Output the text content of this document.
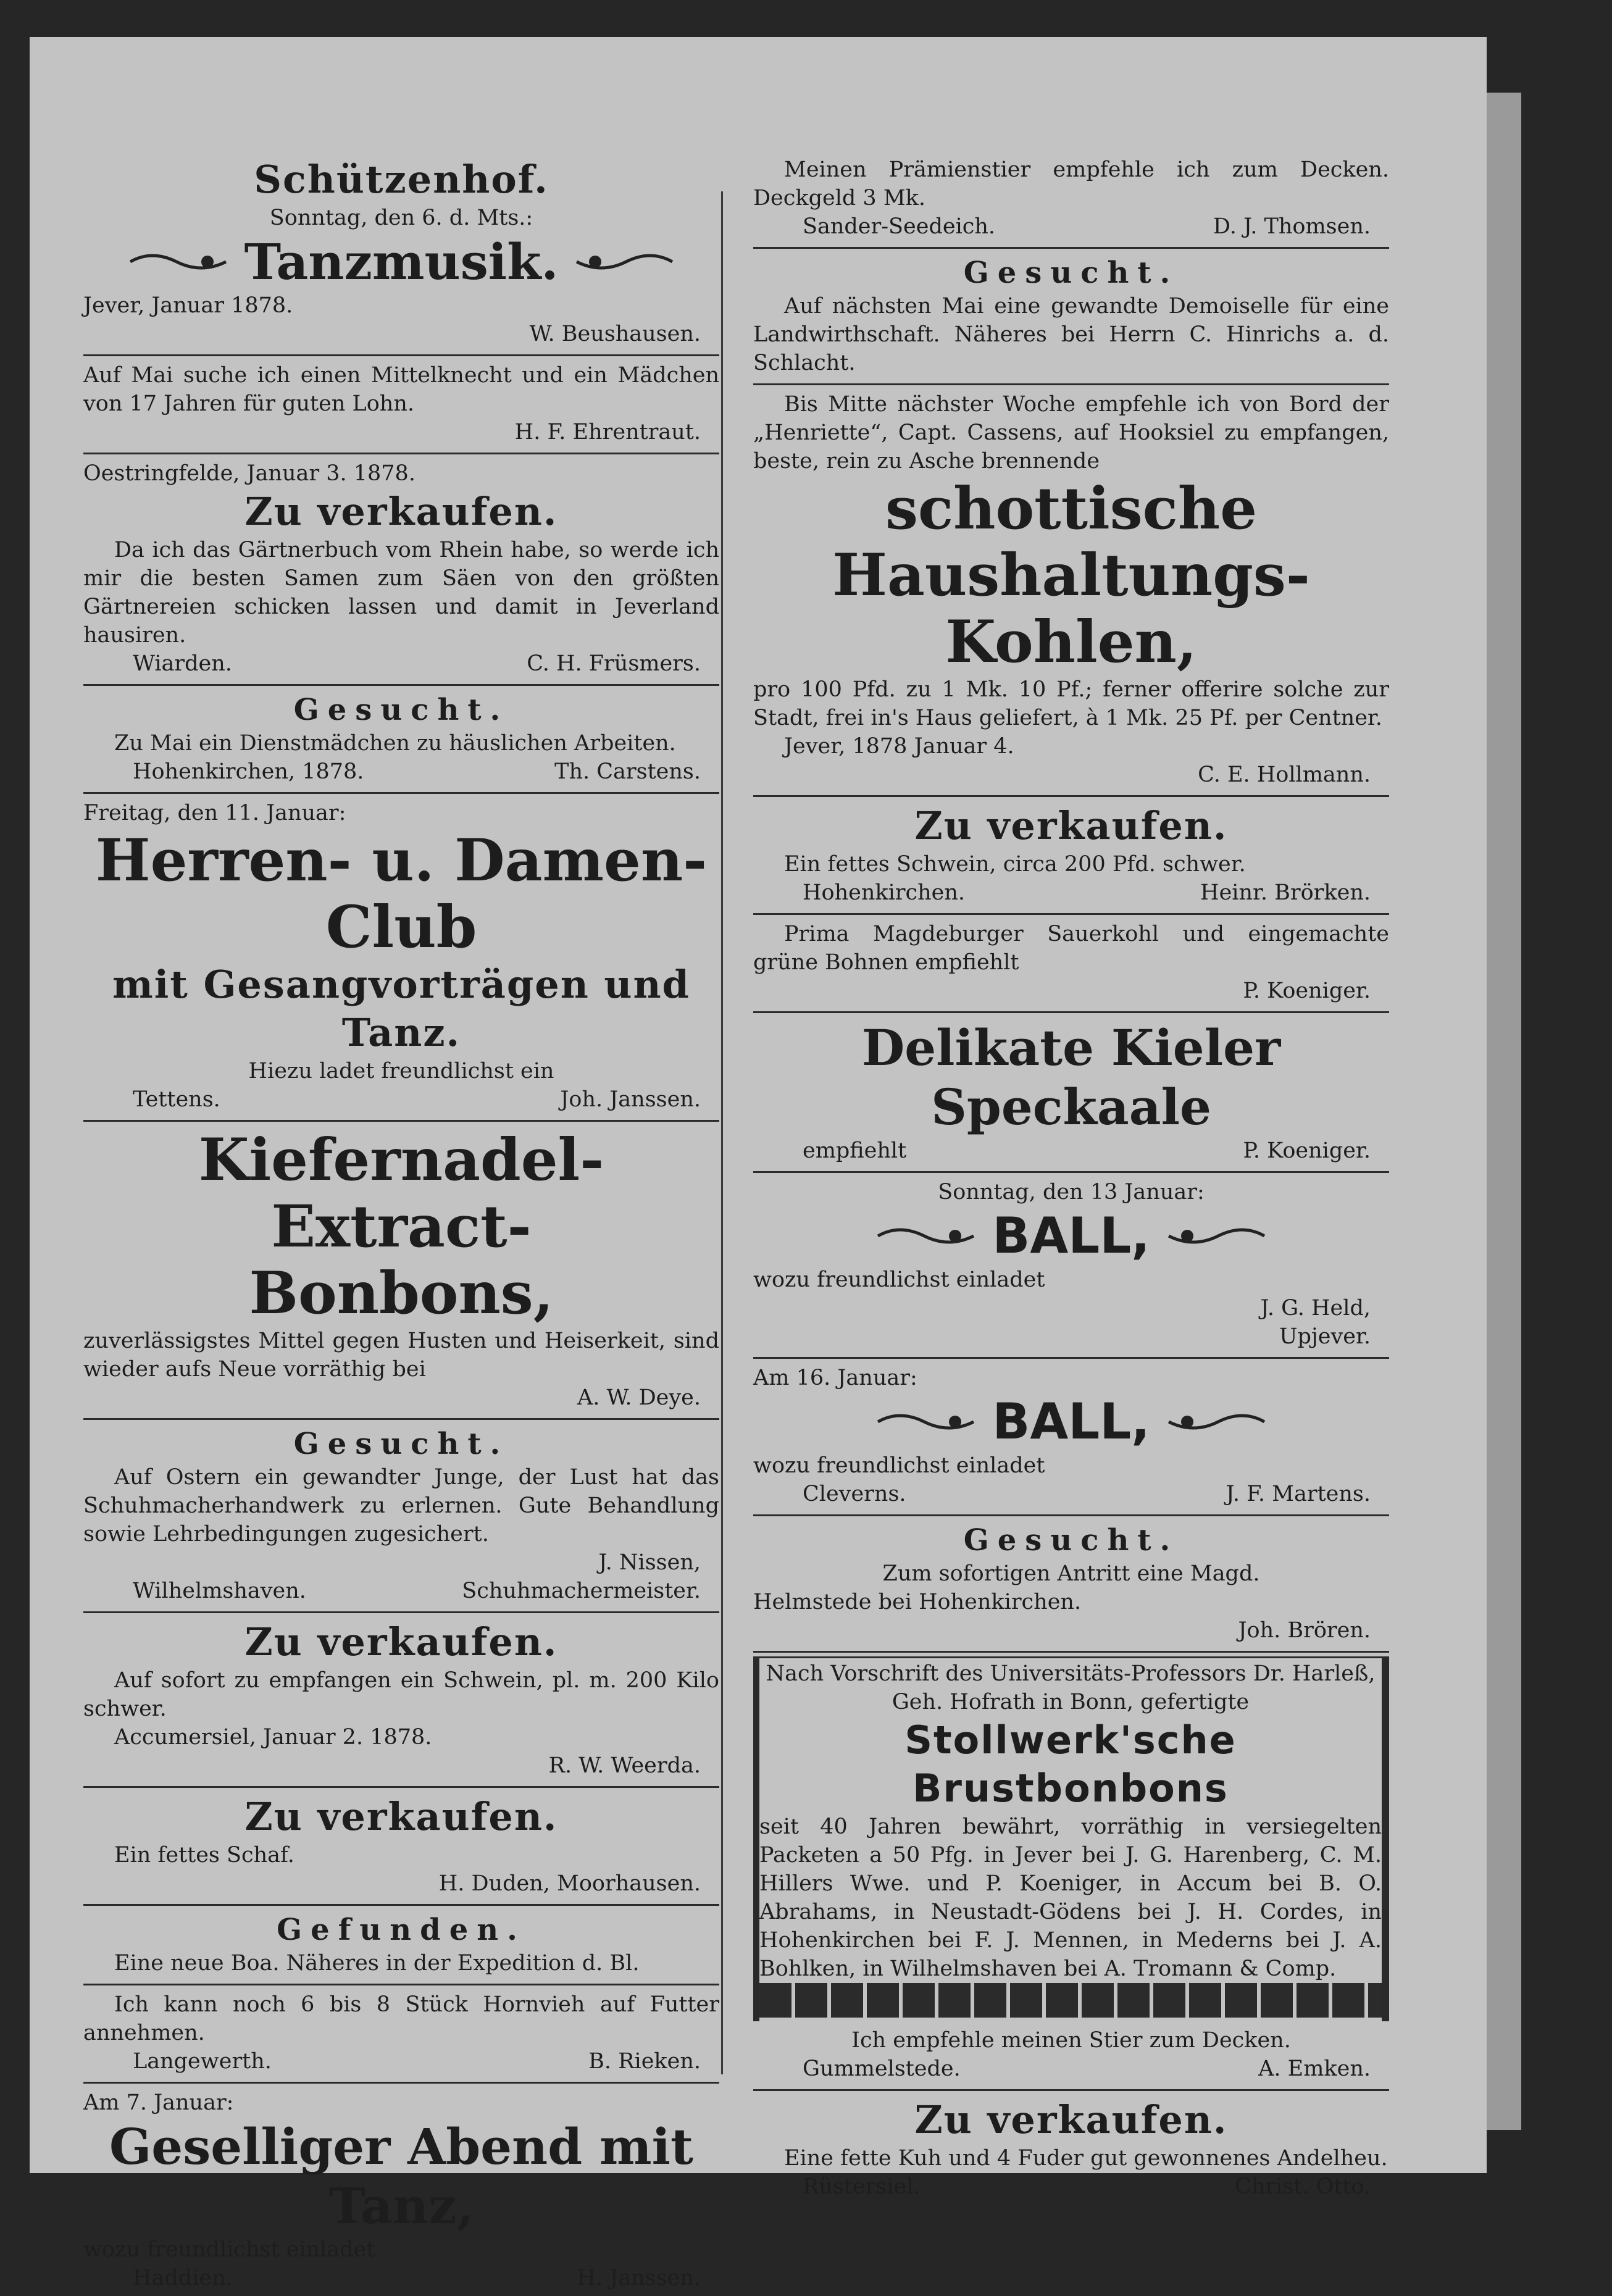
Schützenhof.
Sonntag, den 6. d. Mts.:
Tanzmusik.
Jever, Januar 1878.
W. Beushausen.
Auf Mai suche ich einen Mittelknecht und ein Mädchen von 17 Jahren für guten Lohn.
H. F. Ehrentraut.
Oestringfelde, Januar 3. 1878.
Zu verkaufen.
Da ich das Gärtnerbuch vom Rhein habe, so werde ich mir die besten Samen zum Säen von den größten Gärtnereien schicken lassen und damit in Jeverland hausiren.
Wiarden.	C. H. Früsmers.
Gesucht.
Zu Mai ein Dienstmädchen zu häuslichen Arbeiten.
Hohenkirchen, 1878.	Th. Carstens.
Freitag, den 11. Januar:
Herren- u. Damen-Club
mit Gesangvorträgen und Tanz.
Hiezu ladet freundlichst ein
Tettens.	Joh. Janssen.
Kiefernadel-Extract-
Bonbons,
zuverlässigstes Mittel gegen Husten und Heiserkeit, sind wieder aufs Neue vorräthig bei
A. W. Deye.
Gesucht.
Auf Ostern ein gewandter Junge, der Lust hat das Schuhmacherhandwerk zu erlernen. Gute Behandlung sowie Lehrbedingungen zugesichert.
J. Nissen,
Wilhelmshaven.	Schuhmachermeister.
Zu verkaufen.
Auf sofort zu empfangen ein Schwein, pl. m. 200 Kilo schwer.
Accumersiel, Januar 2. 1878.
R. W. Weerda.
Zu verkaufen.
Ein fettes Schaf.
H. Duden, Moorhausen.
Gefunden.
Eine neue Boa. Näheres in der Expedition d. Bl.
Ich kann noch 6 bis 8 Stück Hornvieh auf Futter annehmen.
Langewerth.	B. Rieken.
Am 7. Januar:
Geselliger Abend mit Tanz,
wozu freundlichst einladet
Haddien.	H. Janssen.
Meinen Prämienstier empfehle ich zum Decken. Deckgeld 3 Mk.
Sander-Seedeich.	D. J. Thomsen.
Gesucht.
Auf nächsten Mai eine gewandte Demoiselle für eine Landwirthschaft. Näheres bei Herrn C. Hinrichs a. d. Schlacht.
Bis Mitte nächster Woche empfehle ich von Bord der „Henriette“, Capt. Cassens, auf Hooksiel zu empfangen, beste, rein zu Asche brennende
schottische Haushaltungs-
Kohlen,
pro 100 Pfd. zu 1 Mk. 10 Pf.; ferner offerire solche zur Stadt, frei in's Haus geliefert, à 1 Mk. 25 Pf. per Centner.
Jever, 1878 Januar 4.
C. E. Hollmann.
Zu verkaufen.
Ein fettes Schwein, circa 200 Pfd. schwer.
Hohenkirchen.	Heinr. Brörken.
Prima Magdeburger Sauerkohl und eingemachte grüne Bohnen empfiehlt
P. Koeniger.
Delikate Kieler Speckaale
empfiehlt	P. Koeniger.
Sonntag, den 13 Januar:
BALL,
wozu freundlichst einladet
J. G. Held,
Upjever.
Am 16. Januar:
BALL,
wozu freundlichst einladet
Cleverns.	J. F. Martens.
Gesucht.
Zum sofortigen Antritt eine Magd.
Helmstede bei Hohenkirchen.
Joh. Brören.
Nach Vorschrift des Universitäts-Professors Dr. Harleß, Geh. Hofrath in Bonn, gefertigte
Stollwerk'sche Brustbonbons
seit 40 Jahren bewährt, vorräthig in versiegelten Packeten a 50 Pfg. in Jever bei J. G. Harenberg, C. M. Hillers Wwe. und P. Koeniger, in Accum bei B. O. Abrahams, in Neustadt-Gödens bei J. H. Cordes, in Hohenkirchen bei F. J. Mennen, in Mederns bei J. A. Bohlken, in Wilhelmshaven bei A. Tromann & Comp.
Ich empfehle meinen Stier zum Decken.
Gummelstede.	A. Emken.
Zu verkaufen.
Eine fette Kuh und 4 Fuder gut gewonnenes Andelheu.
Rüstersiel.	Christ. Otto.
